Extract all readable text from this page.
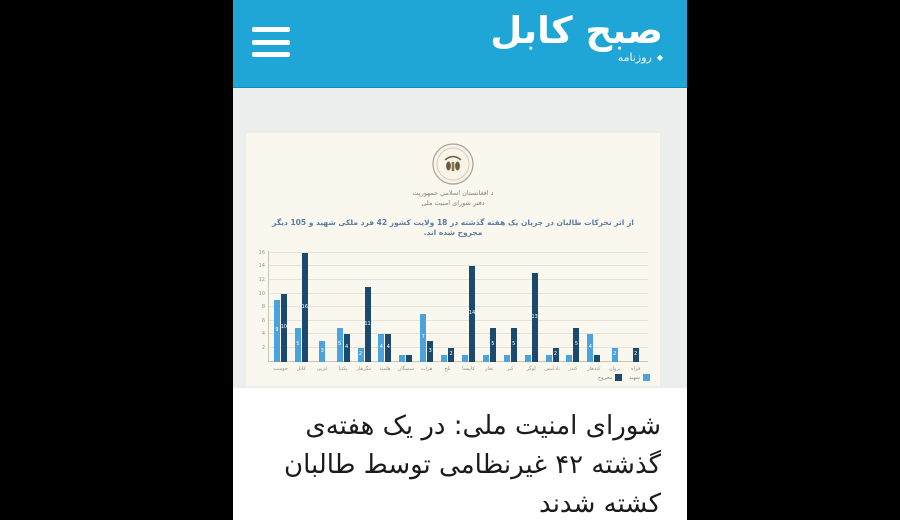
صبح کابل
روزنامه ◆
د افغانستان اسلامي جمهوریت
دفتر شورای امنیت ملی
از اثر تحرکات طالبان در جریان یک هفته گذشته در 18 ولایت کشور 42 فرد ملکی شهید و 105 دیگر مجروح شده اند.
2
4
6
8
10
12
14
16
9
10
خوست
5
16
کابل
3
غزنی
5
4
پکتیا
2
11
ننگرهار
4 4
هلمند سمنگان
7
3
هرات
2
بلخ
14
کاپیسا
5
تخار
5
کنر
13
لوگر
2
بادغیس
5
کندز
4
کندهار
2
پروان
2
فراه
مجروح	شهید
شورای امنیت ملی: در یک هفته‌ی گذشته ۴۲ غیرنظامی توسط طالبان کشته شدند
